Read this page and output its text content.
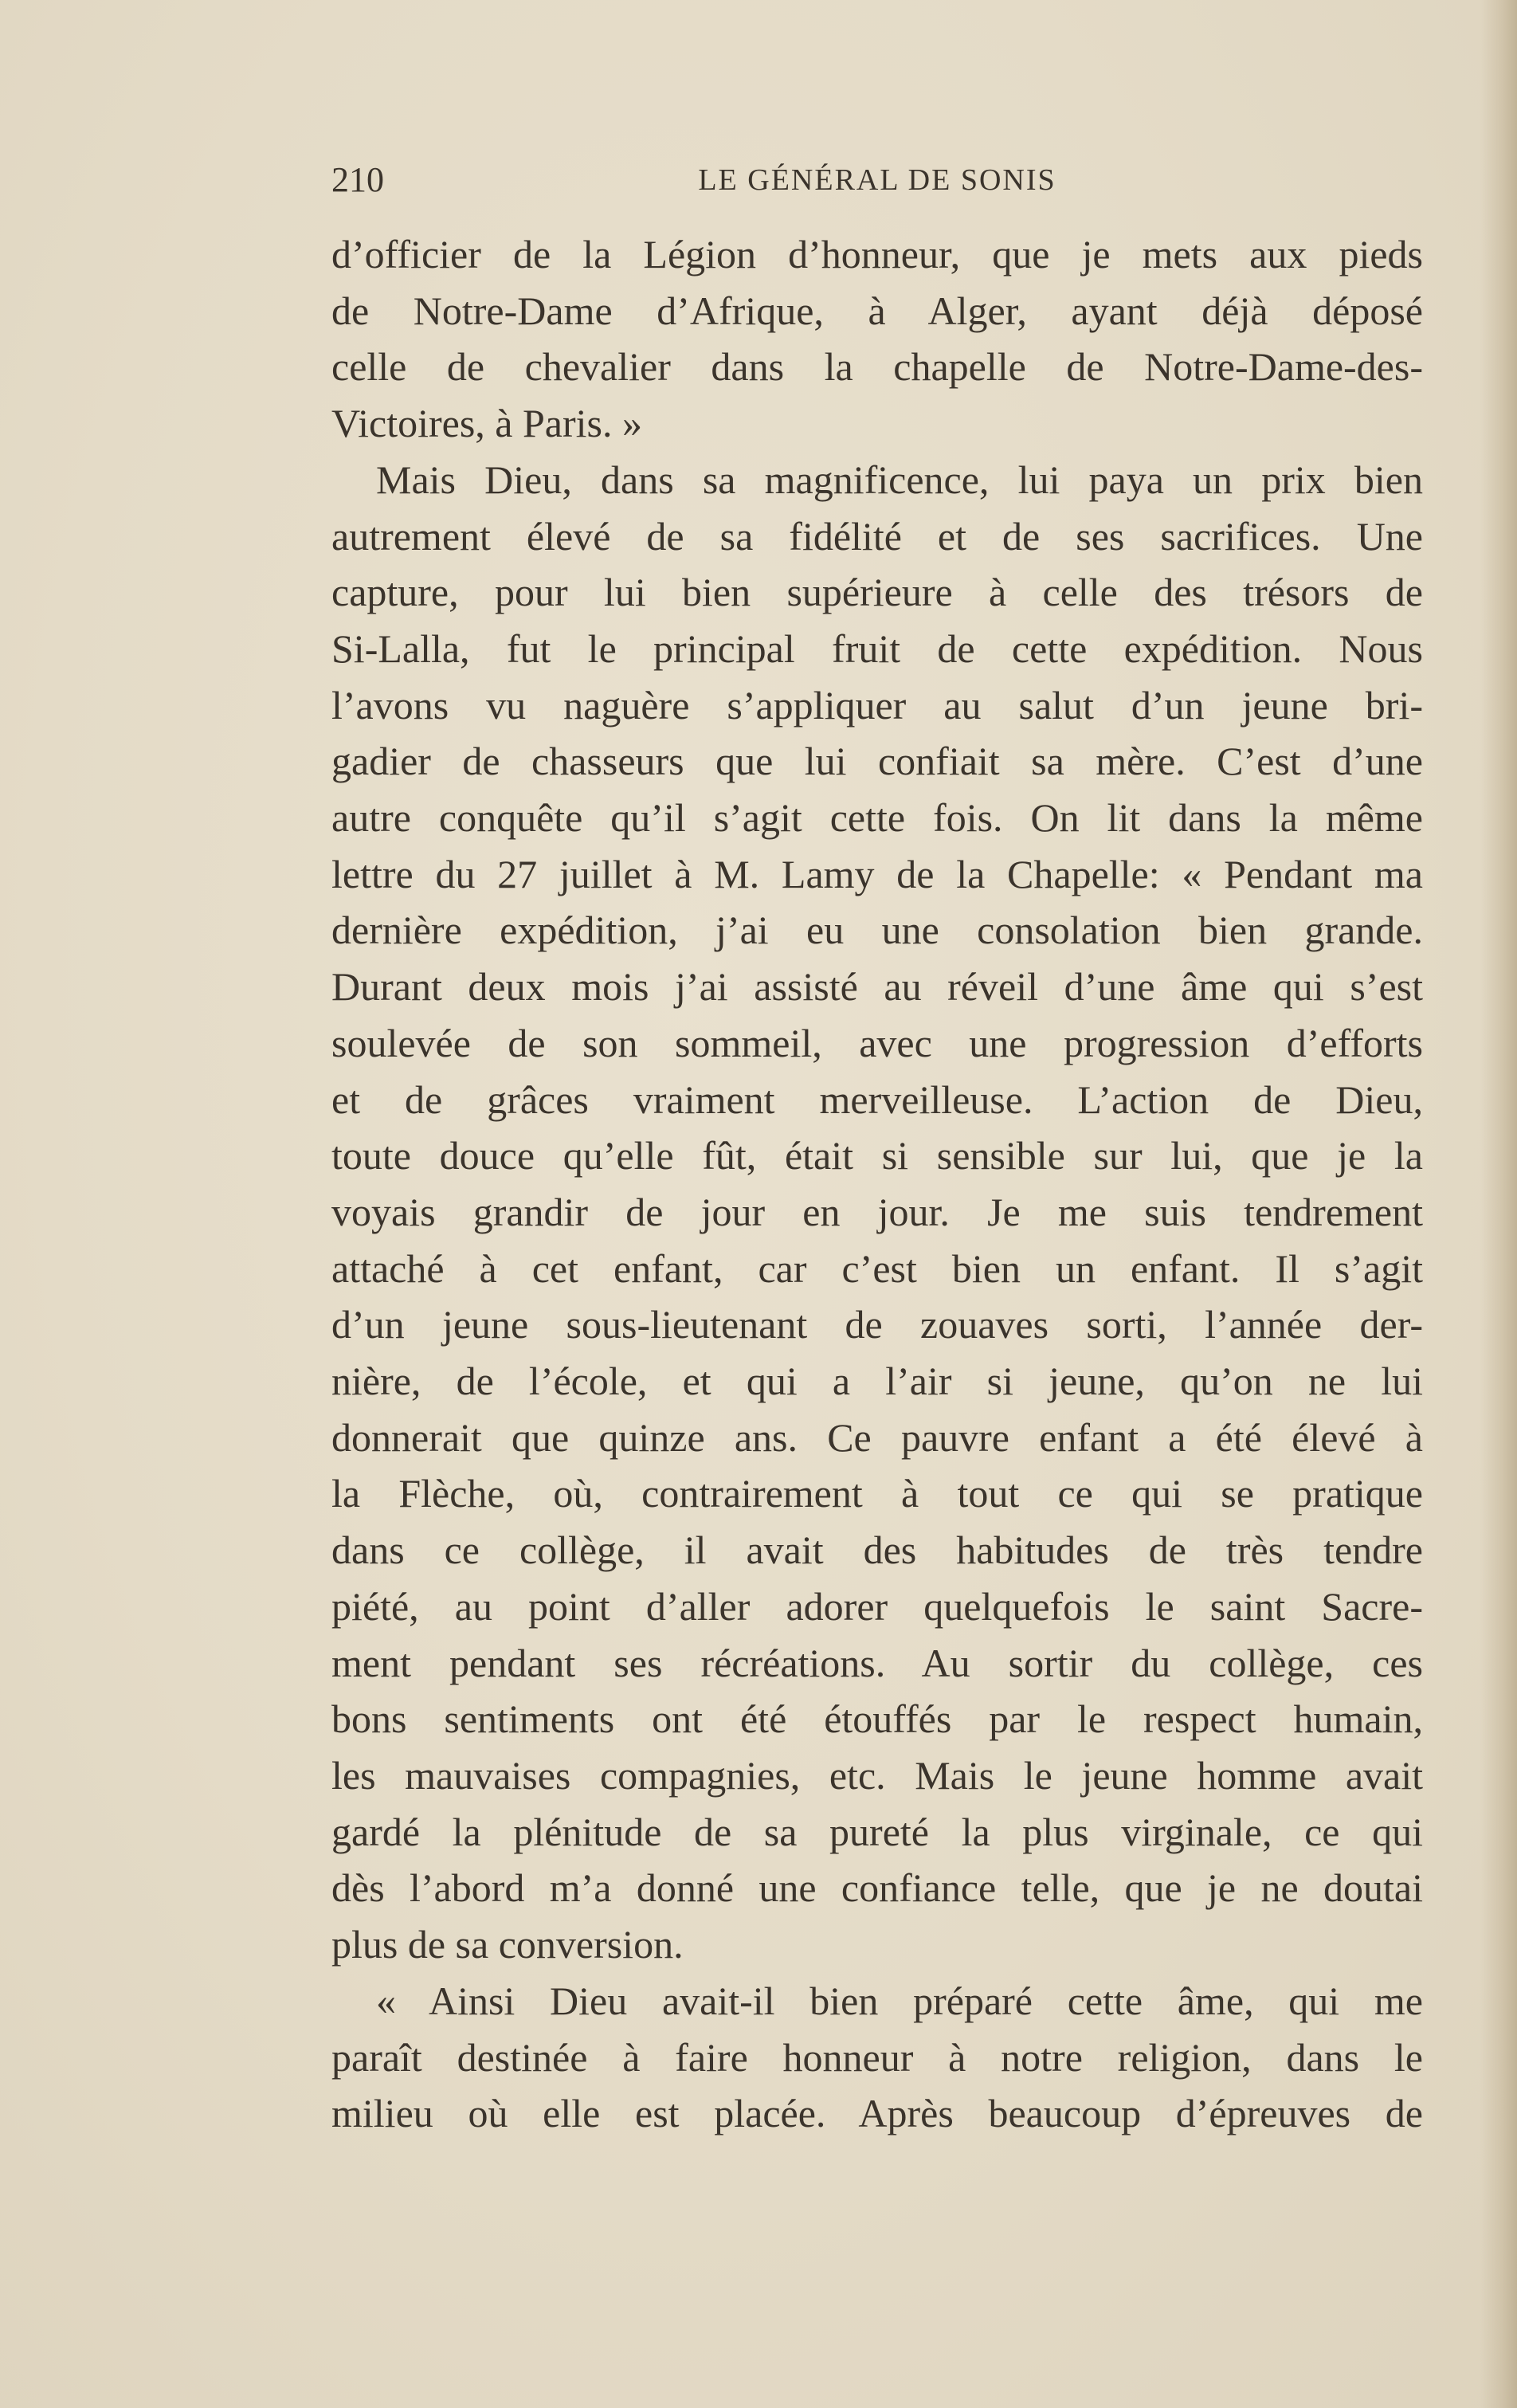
210	LE GÉNÉRAL DE SONIS
d’officier de la Légion d’honneur, que je mets aux pieds
de Notre-Dame d’Afrique, à Alger, ayant déjà déposé
celle de chevalier dans la chapelle de Notre-Dame-des-
Victoires, à Paris. »
Mais Dieu, dans sa magnificence, lui paya un prix bien
autrement élevé de sa fidélité et de ses sacrifices. Une
capture, pour lui bien supérieure à celle des trésors de
Si-Lalla, fut le principal fruit de cette expédition. Nous
l’avons vu naguère s’appliquer au salut d’un jeune bri-
gadier de chasseurs que lui confiait sa mère. C’est d’une
autre conquête qu’il s’agit cette fois. On lit dans la même
lettre du 27 juillet à M. Lamy de la Chapelle: « Pendant ma
dernière expédition, j’ai eu une consolation bien grande.
Durant deux mois j’ai assisté au réveil d’une âme qui s’est
soulevée de son sommeil, avec une progression d’efforts
et de grâces vraiment merveilleuse. L’action de Dieu,
toute douce qu’elle fût, était si sensible sur lui, que je la
voyais grandir de jour en jour. Je me suis tendrement
attaché à cet enfant, car c’est bien un enfant. Il s’agit
d’un jeune sous-lieutenant de zouaves sorti, l’année der-
nière, de l’école, et qui a l’air si jeune, qu’on ne lui
donnerait que quinze ans. Ce pauvre enfant a été élevé à
la Flèche, où, contrairement à tout ce qui se pratique
dans ce collège, il avait des habitudes de très tendre
piété, au point d’aller adorer quelquefois le saint Sacre-
ment pendant ses récréations. Au sortir du collège, ces
bons sentiments ont été étouffés par le respect humain,
les mauvaises compagnies, etc. Mais le jeune homme avait
gardé la plénitude de sa pureté la plus virginale, ce qui
dès l’abord m’a donné une confiance telle, que je ne doutai
plus de sa conversion.
« Ainsi Dieu avait-il bien préparé cette âme, qui me
paraît destinée à faire honneur à notre religion, dans le
milieu où elle est placée. Après beaucoup d’épreuves de
